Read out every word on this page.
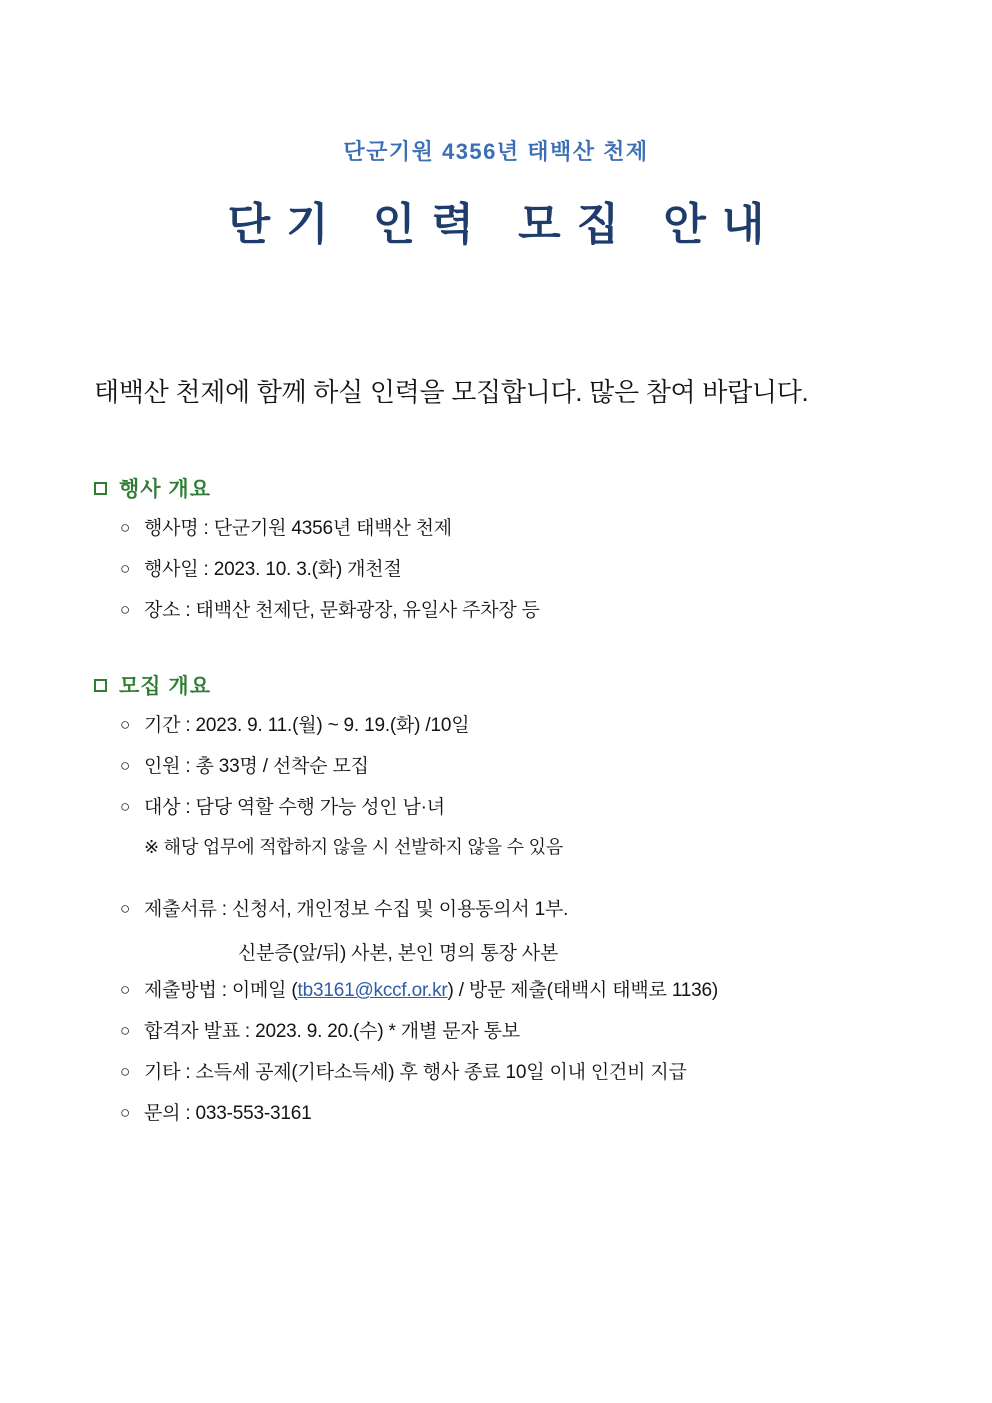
단군기원 4356년 태백산 천제

단기 인력 모집 안내

태백산 천제에 함께 하실 인력을 모집합니다. 많은 참여 바랍니다.

행사 개요
○ 행사명 : 단군기원 4356년 태백산 천제
○ 행사일 : 2023. 10. 3.(화) 개천절
○ 장소 : 태백산 천제단, 문화광장, 유일사 주차장 등
모집 개요
○ 기간 : 2023. 9. 11.(월) ~ 9. 19.(화) /10일
○ 인원 : 총 33명 / 선착순 모집
○ 대상 : 담당 역할 수행 가능 성인 남·녀
※ 해당 업무에 적합하지 않을 시 선발하지 않을 수 있음
○ 제출서류 : 신청서, 개인정보 수집 및 이용동의서 1부.
신분증(앞/뒤) 사본, 본인 명의 통장 사본
○ 제출방법 : 이메일 (tb3161@kccf.or.kr) / 방문 제출(태백시 태백로 1136)
○ 합격자 발표 : 2023. 9. 20.(수) * 개별 문자 통보
○ 기타 : 소득세 공제(기타소득세) 후 행사 종료 10일 이내 인건비 지급
○ 문의 : 033-553-3161
